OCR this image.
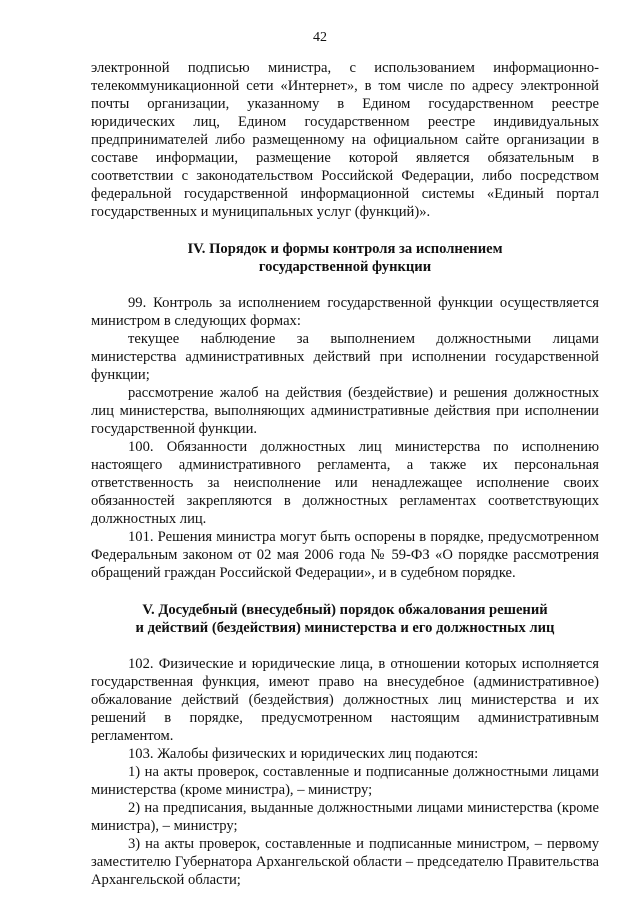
42

электронной подписью министра, с использованием информационно-телекоммуникационной сети «Интернет», в том числе по адресу электронной почты организации, указанному в Едином государственном реестре юридических лиц, Едином государственном реестре индивидуальных предпринимателей либо размещенному на официальном сайте организации в составе информации, размещение которой является обязательным в соответствии с законодательством Российской Федерации, либо посредством федеральной государственной информационной системы «Единый портал государственных и муниципальных услуг (функций)».

IV. Порядок и формы контроля за исполнением
государственной функции

99. Контроль за исполнением государственной функции осуществляется министром в следующих формах:

текущее наблюдение за выполнением должностными лицами министерства административных действий при исполнении государственной функции;

рассмотрение жалоб на действия (бездействие) и решения должностных лиц министерства, выполняющих административные действия при исполнении государственной функции.

100. Обязанности должностных лиц министерства по исполнению настоящего административного регламента, а также их персональная ответственность за неисполнение или ненадлежащее исполнение своих обязанностей закрепляются в должностных регламентах соответствующих должностных лиц.

101. Решения министра могут быть оспорены в порядке, предусмотренном Федеральным законом от 02 мая 2006 года № 59-ФЗ «О порядке рассмотрения обращений граждан Российской Федерации», и в судебном порядке.

V. Досудебный (внесудебный) порядок обжалования решений
и действий (бездействия) министерства и его должностных лиц

102. Физические и юридические лица, в отношении которых исполняется государственная функция, имеют право на внесудебное (административное) обжалование действий (бездействия) должностных лиц министерства и их решений в порядке, предусмотренном настоящим административным регламентом.

103. Жалобы физических и юридических лиц подаются:

1) на акты проверок, составленные и подписанные должностными лицами министерства (кроме министра), – министру;

2) на предписания, выданные должностными лицами министерства (кроме министра), – министру;

3) на акты проверок, составленные и подписанные министром, – первому заместителю Губернатора Архангельской области – председателю Правительства Архангельской области;
